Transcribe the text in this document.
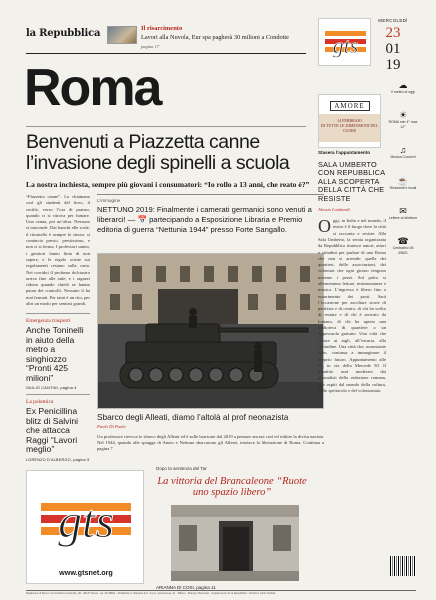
la Repubblica	Il risarcimento
Lavori alla Nuvola, Eur spa pagherà 30 milioni a Condotte
pagina 17
Roma
gts
MERCOLEDÌ
23
01
19
☁
Il meteo di oggi
☀
ROMA min 4° max 12°
♫
Musica Concerti
☕
Ristoranti e locali
✉
Lettere al direttore
☎
Centralino 06 49821
AMORE
14 FEBBRAIO
DI TUTTE LE DIMENSIONI DEL CUORE
Benvenuti a Piazzetta canne l’invasione degli spinelli a scuola
La nostra inchiesta, sempre più giovani i consumatori: “Io rollo a 13 anni, che reato è?”
“Piazzetta canne”. Lo chiamano così gli studenti del liceo, il cortile, verso l’ora di pranzo, quando ci si ritrova per fumare. Una canna, poi un’altra. Nessuno si nasconde. Dai banchi alle scale, il ritornello è sempre lo stesso: si comincia presto, prestissimo, e non ci si ferma. I professori sanno, i genitori fanno finta di non sapere, e le regole scritte sui regolamenti restano sulla carta. Nei corridoi il profumo dolciastro arriva fino alle aule, e i ragazzi ridono quando chiedi se hanno paura dei controlli. Nessuno li ha mai fermati. Per tanti è un rito, per altri un modo per sentirsi grandi.
Emergenza trasporti
Anche Toninelli in aiuto della metro a singhiozzo “Pronti 425 milioni”
GIULIO CANTINI, pagina 4
La polemica
Ex Penicillina blitz di Salvini che attacca Raggi “Lavori meglio”
LORENZO D’ALBERGO, pagina 5
L’immagine
NETTUNO 2019: Finalmente i camerati germanici sono venuti a liberarci! — 📅 partecipando a Esposizione Libraria e Premio editoria di guerra “Nettunia 1944” presso Forte Sangallo.
Sbarco degli Alleati, diamo l’altolà al prof neonazista
Paolo Di Paolo
Un professore rievoca lo sbarco degli Alleati ed è sulle barricate dal 2019 a pensare ancora così ed esibire la divisa nazista. Nel 1944, quando alle spiagge di Anzio e Nettuno sbarcarono gli Alleati, iniziava la liberazione di Roma. Continua a pagina 7
Stasera l’appuntamento
SALA UMBERTO CON REPUBBLICA ALLA SCOPERTA DELLA CITTÀ CHE RESISTE
Alessio Lombardi
O ggi, in Italia e nel mondo, il teatro è il luogo dove la città si racconta e resiste. Alla Sala Umberto, la serata organizzata da Repubblica riunisce autori, attori e cittadini per parlare di una Roma che non si arrende: quella dei quartieri, delle associazioni, dei volontari che ogni giorno tengono insieme i pezzi. Sul palco si alterneranno letture, testimonianze e musica. L’ingresso è libero fino a esaurimento dei posti. Sarà l’occasione per ascoltare storie di periferia e di centro, di chi ha scelto di restare e di chi è arrivato da lontano, di chi ha aperto una biblioteca di quartiere o un doposcuola gratuito. Una città che resiste ai tagli, all’incuria, alla solitudine. Una città che, nonostante tutto, continua a immaginare il proprio futuro. Appuntamento alle 21, in via della Mercede 50. Il dibattito sarà moderato dai giornalisti della redazione romana, con ospiti dal mondo della cultura, dello spettacolo e del volontariato.
gts
www.gtsnet.org
Dopo la sentenza del Tar
La vittoria del Brancaleone “Ruote uno spazio libero”
ARIANNA DI COSI, pagina 11
Redazione di Roma: via Cristoforo Colombo, 90 - 00147 Roma - tel. 06 49821 - Pubblicità: A. Manzoni & C. S.p.A. via Nervesa, 21 - Milano - Stampa: Rotocolor - Supplemento de la Repubblica - Direttore Carlo Verdelli
